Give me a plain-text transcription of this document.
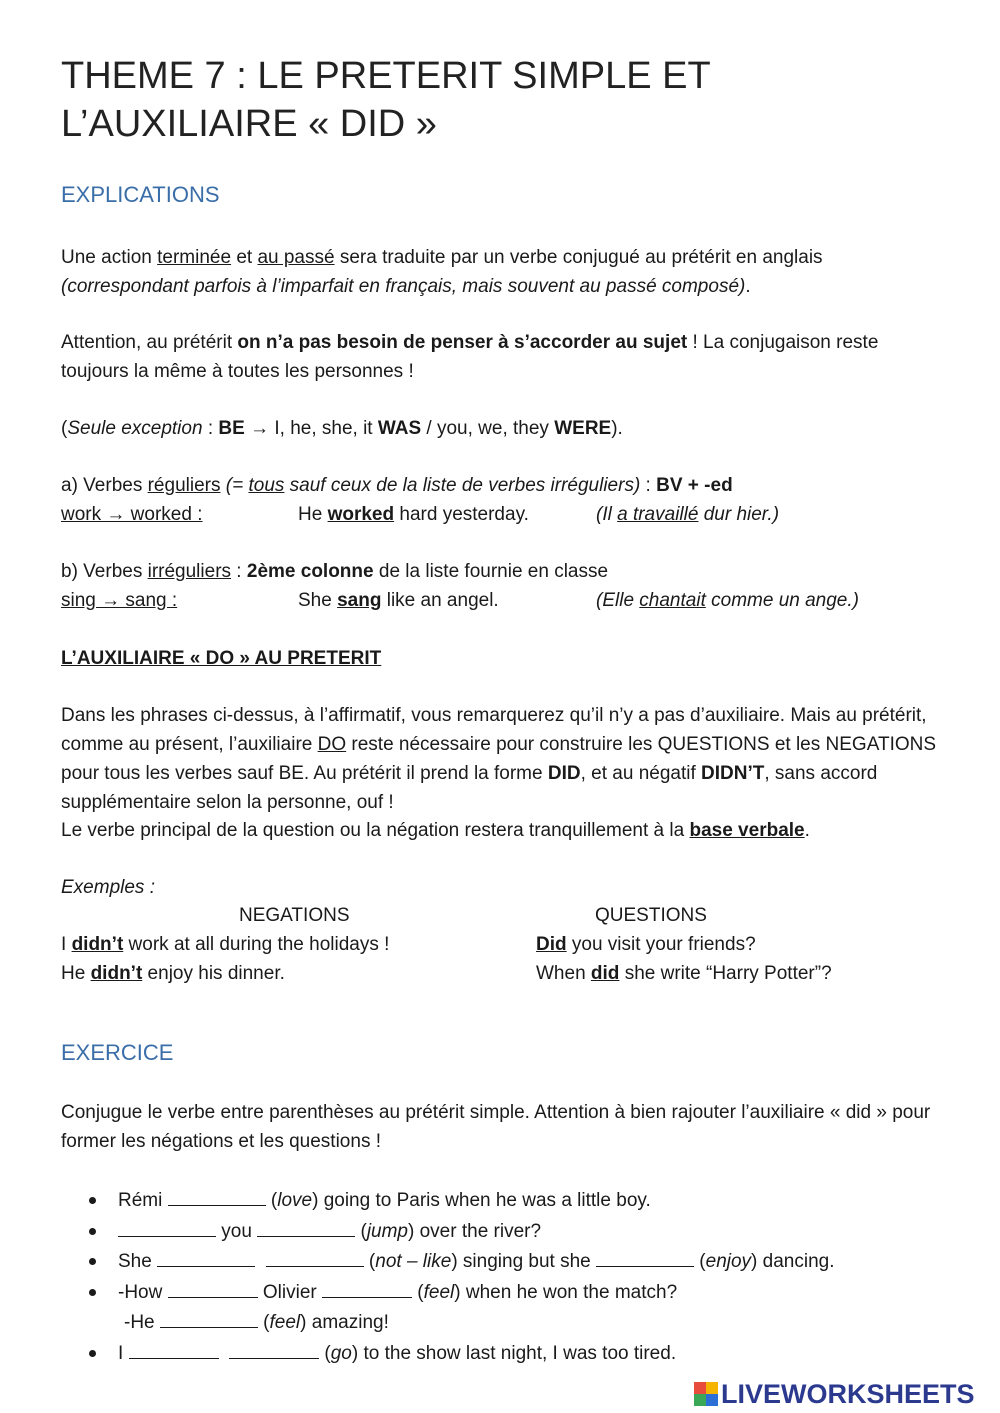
THEME 7 : LE PRETERIT SIMPLE ET L’AUXILIAIRE « DID »
EXPLICATIONS

Une action terminée et au passé sera traduite par un verbe conjugué au prétérit en anglais (correspondant parfois à l’imparfait en français, mais souvent au passé composé).

Attention, au prétérit on n’a pas besoin de penser à s’accorder au sujet ! La conjugaison reste toujours la même à toutes les personnes !

(Seule exception : BE → I, he, she, it WAS / you, we, they WERE).

a) Verbes réguliers (= tous sauf ceux de la liste de verbes irréguliers) : BV + -ed
work → worked :	He worked hard yesterday.	(Il a travaillé dur hier.)
b) Verbes irréguliers : 2ème colonne de la liste fournie en classe
sing → sang :	She sang like an angel.	(Elle chantait comme un ange.)
L’AUXILIAIRE « DO » AU PRETERIT

Dans les phrases ci-dessus, à l’affirmatif, vous remarquerez qu’il n’y a pas d’auxiliaire. Mais au prétérit, comme au présent, l’auxiliaire DO reste nécessaire pour construire les QUESTIONS et les NEGATIONS pour tous les verbes sauf BE. Au prétérit il prend la forme DID, et au négatif DIDN’T, sans accord supplémentaire selon la personne, ouf !

Le verbe principal de la question ou la négation restera tranquillement à la base verbale.

Exemples :
NEGATIONS	QUESTIONS
I didn’t work at all during the holidays !	Did you visit your friends?
He didn’t enjoy his dinner.	When did she write “Harry Potter”?
EXERCICE

Conjugue le verbe entre parenthèses au prétérit simple. Attention à bien rajouter l’auxiliaire « did » pour former les négations et les questions !

Rémi	(love) going to Paris when he was a little boy.
you	(jump) over the river?
She	(not – like) singing but she	(enjoy) dancing.
-How	Olivier	(feel) when he won the match?
-He	(feel) amazing!
I	(go) to the show last night, I was too tired.
LIVEWORKSHEETS
